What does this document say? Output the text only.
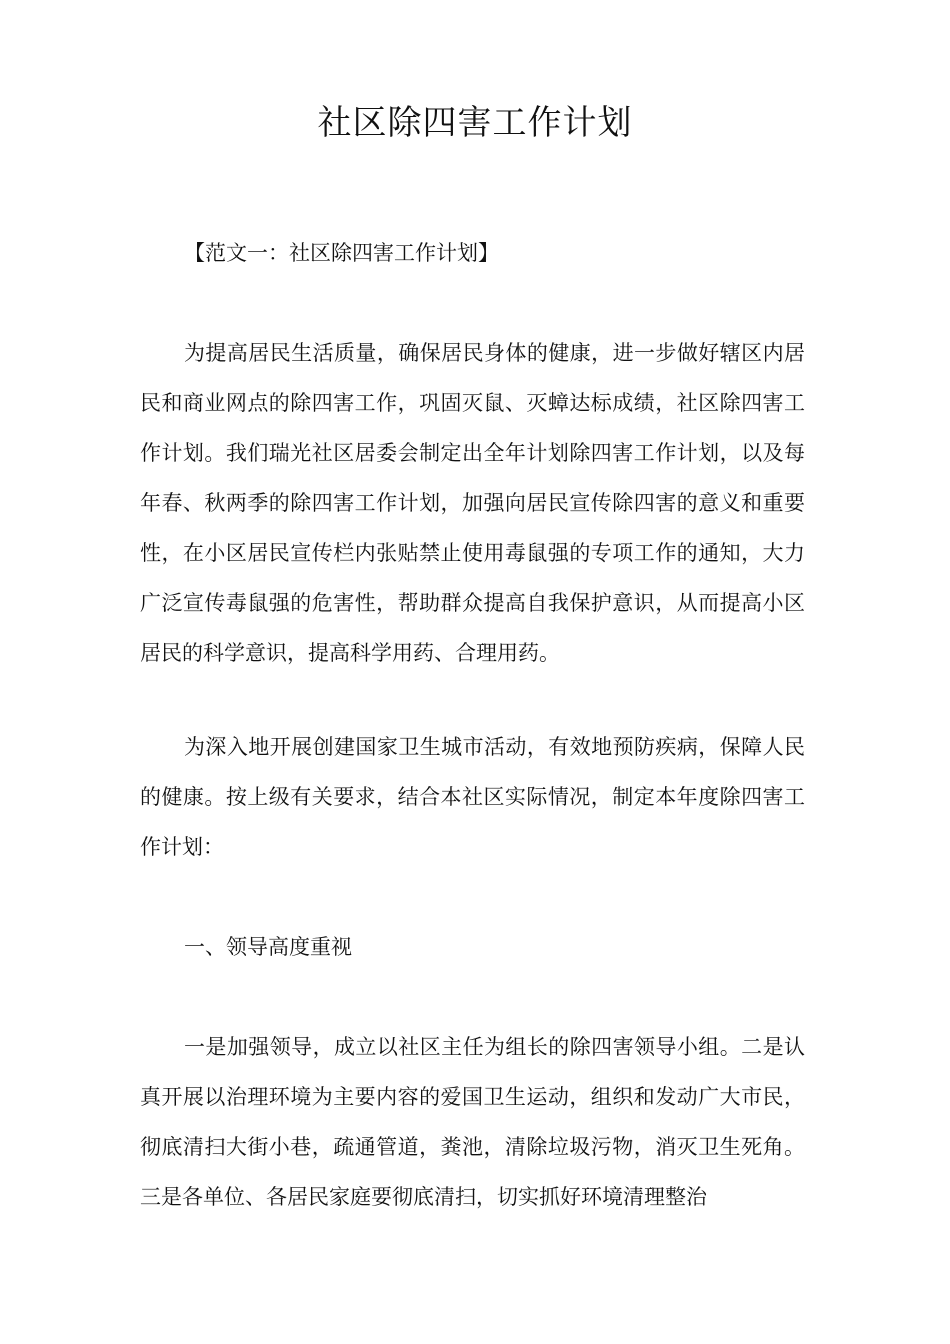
社区除四害工作计划

【范文一：社区除四害工作计划】

为提高居民生活质量，确保居民身体的健康，进一步做好辖区内居民和商业网点的除四害工作，巩固灭鼠、灭蟑达标成绩，社区除四害工作计划。我们瑞光社区居委会制定出全年计划除四害工作计划，以及每年春、秋两季的除四害工作计划，加强向居民宣传除四害的意义和重要性，在小区居民宣传栏内张贴禁止使用毒鼠强的专项工作的通知，大力广泛宣传毒鼠强的危害性，帮助群众提高自我保护意识，从而提高小区居民的科学意识，提高科学用药、合理用药。

为深入地开展创建国家卫生城市活动，有效地预防疾病，保障人民的健康。按上级有关要求，结合本社区实际情况，制定本年度除四害工作计划：

一、领导高度重视

一是加强领导，成立以社区主任为组长的除四害领导小组。二是认真开展以治理环境为主要内容的爱国卫生运动，组织和发动广大市民，彻底清扫大街小巷，疏通管道，粪池，清除垃圾污物，消灭卫生死角。三是各单位、各居民家庭要彻底清扫，切实抓好环境清理整治
